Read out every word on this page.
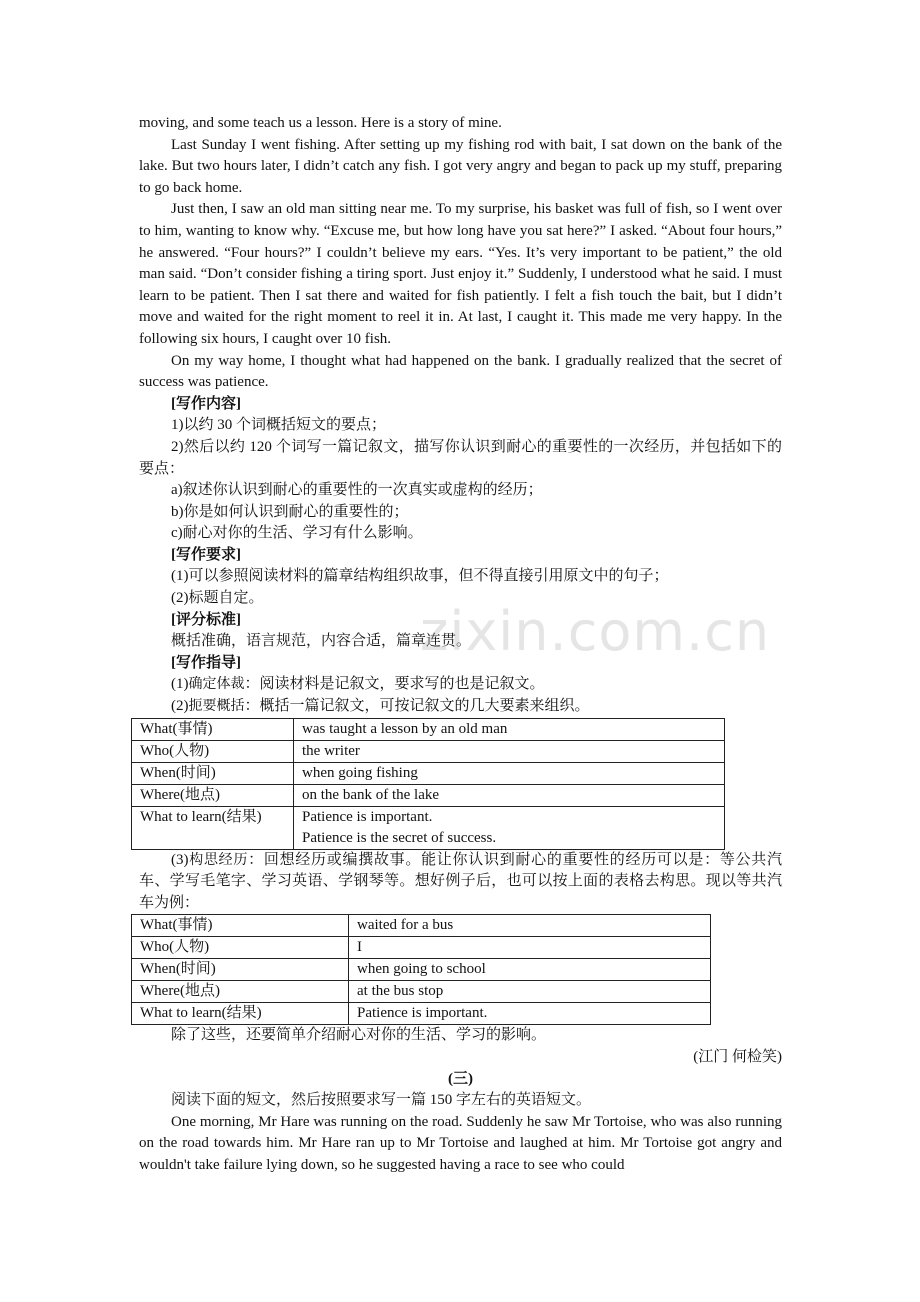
moving, and some teach us a lesson. Here is a story of mine.

Last Sunday I went fishing. After setting up my fishing rod with bait, I sat down on the bank of the lake. But two hours later, I didn’t catch any fish. I got very angry and began to pack up my stuff, preparing to go back home.

Just then, I saw an old man sitting near me. To my surprise, his basket was full of fish, so I went over to him, wanting to know why. “Excuse me, but how long have you sat here?” I asked. “About four hours,” he answered. “Four hours?” I couldn’t believe my ears. “Yes. It’s very important to be patient,” the old man said. “Don’t consider fishing a tiring sport. Just enjoy it.” Suddenly, I understood what he said. I must learn to be patient. Then I sat there and waited for fish patiently. I felt a fish touch the bait, but I didn’t move and waited for the right moment to reel it in. At last, I caught it. This made me very happy. In the following six hours, I caught over 10 fish.

On my way home, I thought what had happened on the bank. I gradually realized that the secret of success was patience.

[写作内容]

1)以约 30 个词概括短文的要点；

2)然后以约 120 个词写一篇记叙文，描写你认识到耐心的重要性的一次经历，并包括如下的要点：

a)叙述你认识到耐心的重要性的一次真实或虚构的经历；

b)你是如何认识到耐心的重要性的；

c)耐心对你的生活、学习有什么影响。

[写作要求]

(1)可以参照阅读材料的篇章结构组织故事，但不得直接引用原文中的句子；

(2)标题自定。

[评分标准]

概括准确，语言规范，内容合适，篇章连贯。

[写作指导]

(1)确定体裁：阅读材料是记叙文，要求写的也是记叙文。

(2)扼要概括：概括一篇记叙文，可按记叙文的几大要素来组织。

What(事情)	was taught a lesson by an old man
Who(人物)	the writer
When(时间)	when going fishing
Where(地点)	on the bank of the lake
What to learn(结果)	Patience is important.
Patience is the secret of success.

(3)构思经历：回想经历或编撰故事。能让你认识到耐心的重要性的经历可以是：等公共汽车、学写毛笔字、学习英语、学钢琴等。想好例子后，也可以按上面的表格去构思。现以等共汽车为例：

What(事情)	waited for a bus
Who(人物)	I
When(时间)	when going to school
Where(地点)	at the bus stop
What to learn(结果)	Patience is important.

除了这些，还要简单介绍耐心对你的生活、学习的影响。

(江门 何检笑)

(三)

阅读下面的短文，然后按照要求写一篇 150 字左右的英语短文。

One morning, Mr Hare was running on the road. Suddenly he saw Mr Tortoise, who was also running on the road towards him. Mr Hare ran up to Mr Tortoise and laughed at him. Mr Tortoise got angry and wouldn't take failure lying down, so he suggested having a race to see who could

zixin.com.cn
